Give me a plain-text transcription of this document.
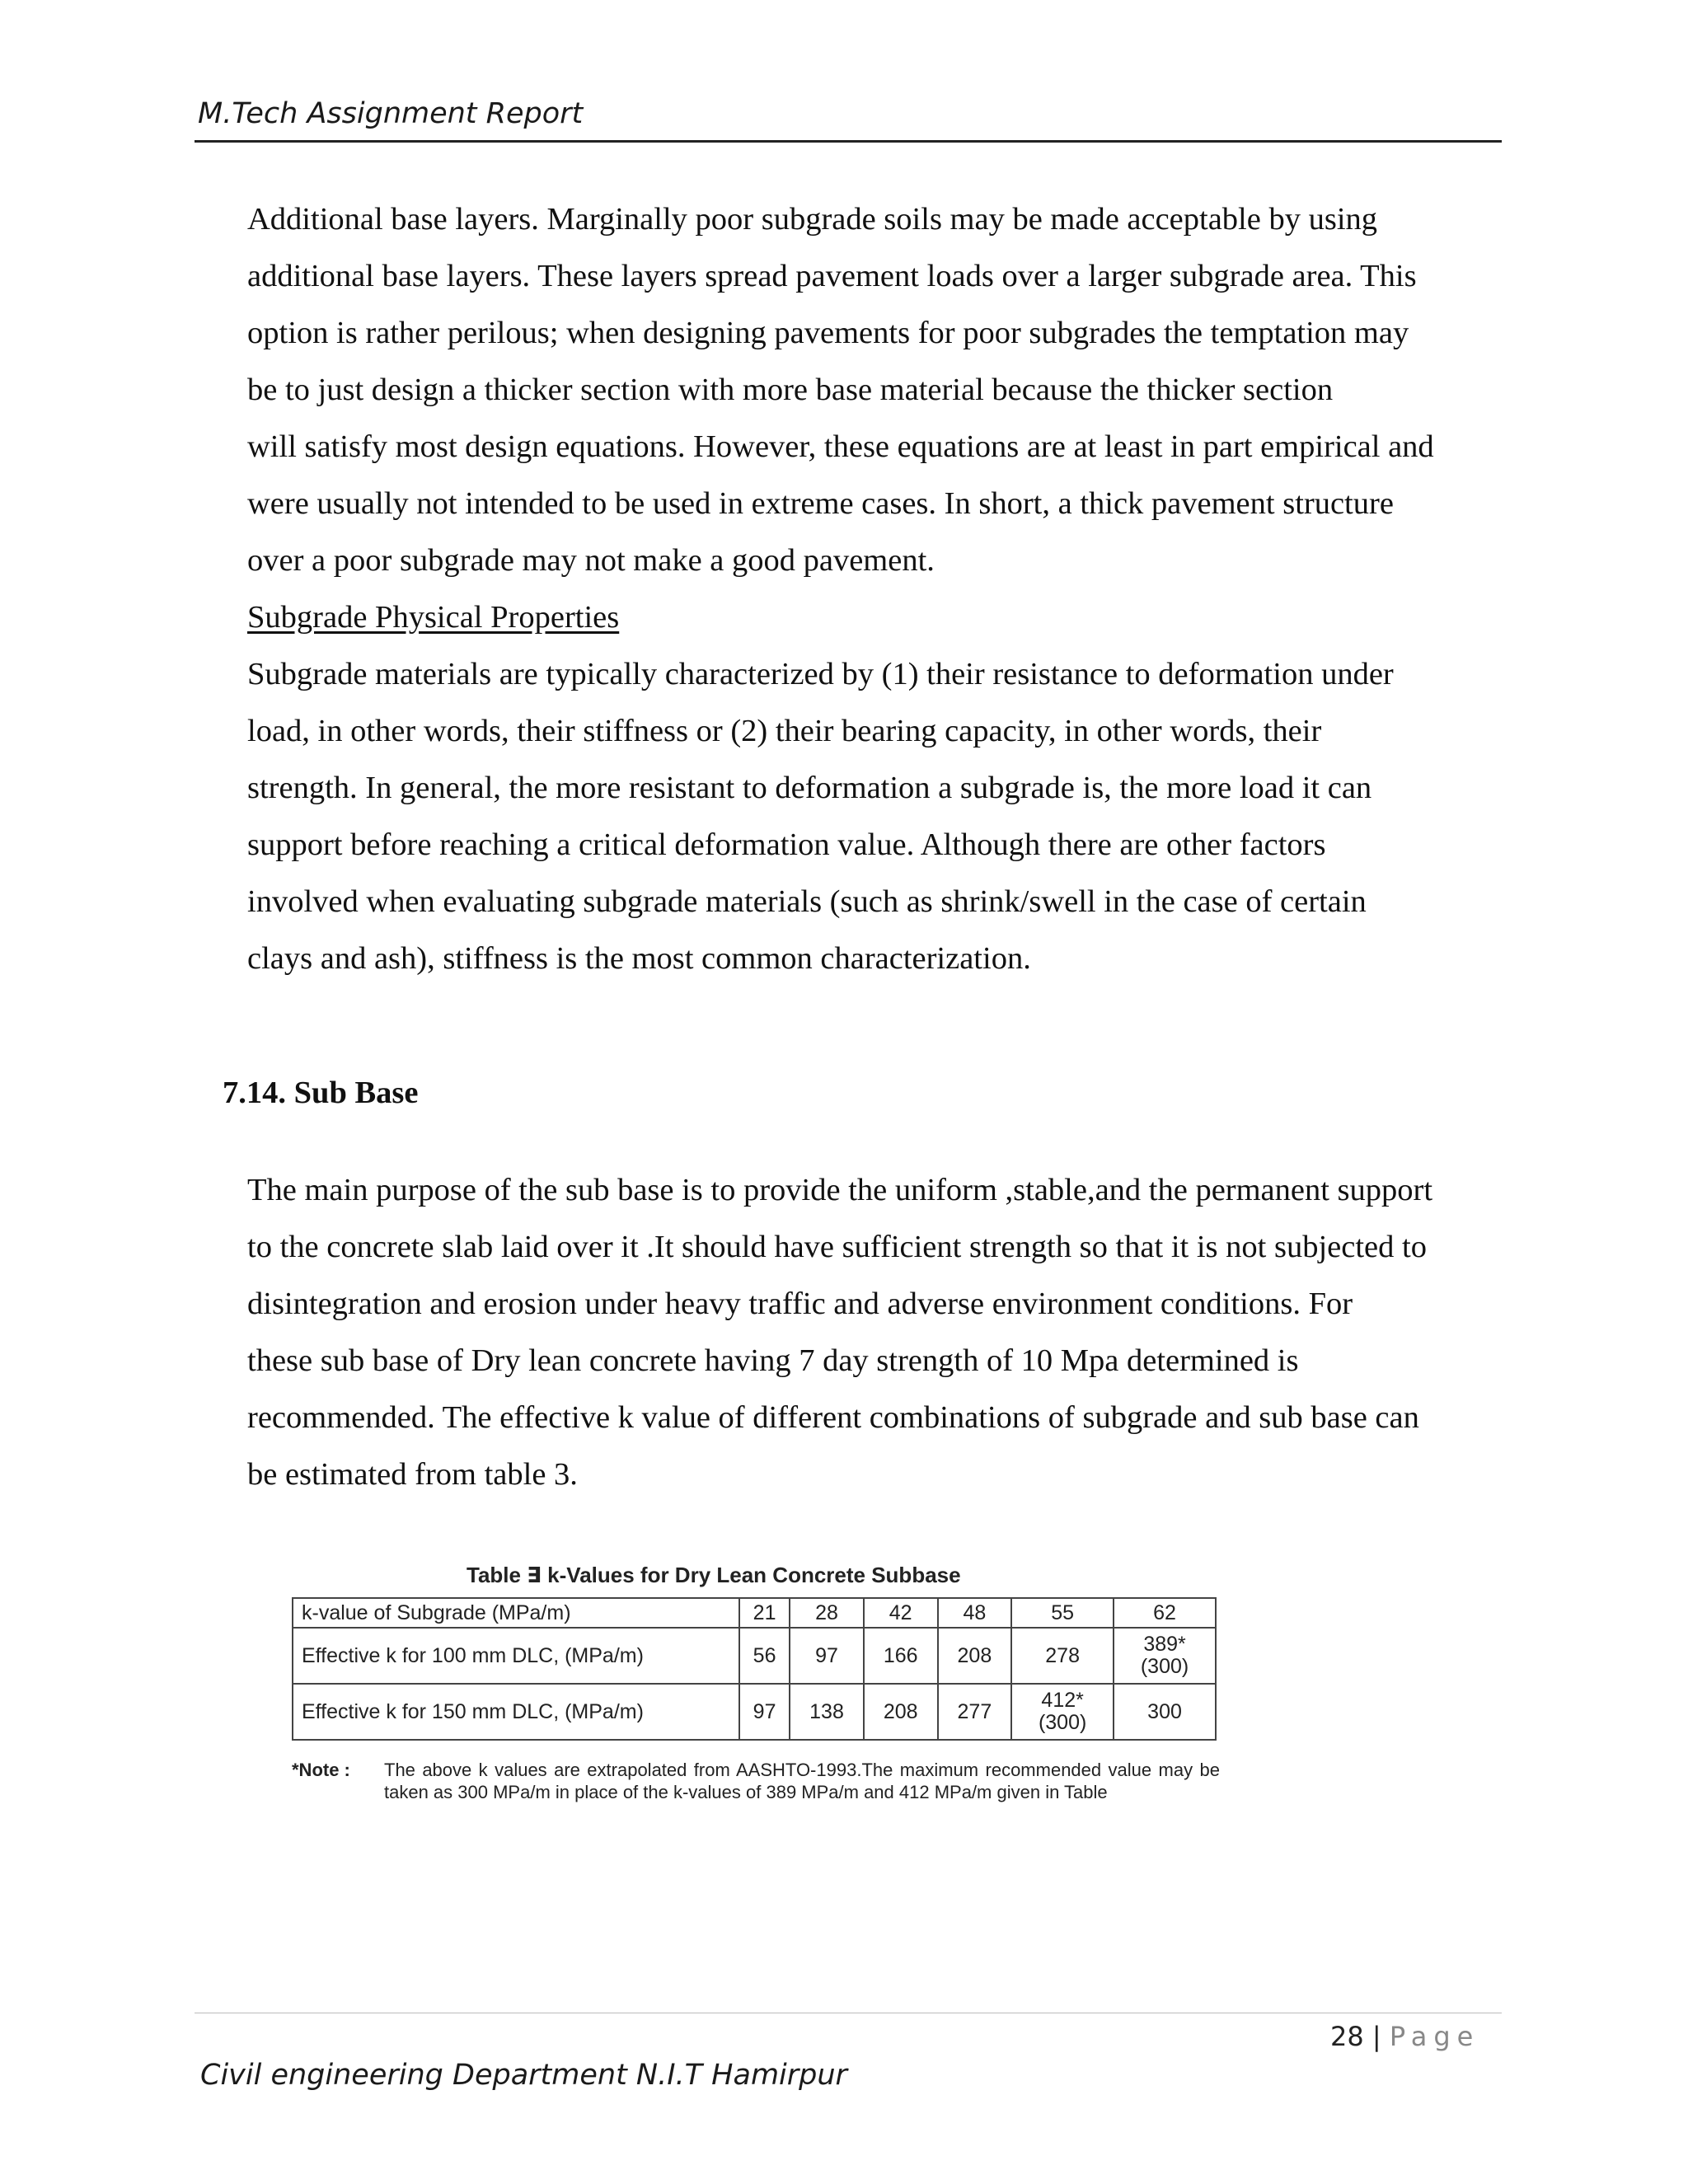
M.Tech Assignment Report
Additional base layers. Marginally poor subgrade soils may be made acceptable by using
additional base layers. These layers spread pavement loads over a larger subgrade area. This
option is rather perilous; when designing pavements for poor subgrades the temptation may
be to just design a thicker section with more base material because the thicker section
will satisfy most design equations. However, these equations are at least in part empirical and
were usually not intended to be used in extreme cases. In short, a thick pavement structure
over a poor subgrade may not make a good pavement.
Subgrade Physical Properties
Subgrade materials are typically characterized by (1) their resistance to deformation under
load, in other words, their stiffness or (2) their bearing capacity, in other words, their
strength. In general, the more resistant to deformation a subgrade is, the more load it can
support before reaching a critical deformation value. Although there are other factors
involved when evaluating subgrade materials (such as shrink/swell in the case of certain
clays and ash), stiffness is the most common characterization.
7.14. Sub Base
The main purpose of the sub base is to provide the uniform ,stable,and the permanent support
to the concrete slab laid over it .It should have sufficient strength so that it is not subjected to
disintegration and erosion under heavy traffic and adverse environment conditions. For
these sub base of Dry lean concrete having 7 day strength of 10 Mpa determined is
recommended. The effective k value of different combinations of subgrade and sub base can
be estimated from table 3.
Table ∃ k-Values for Dry Lean Concrete Subbase
k-value of Subgrade (MPa/m)	21	28	42	48	55	62
Effective k for 100 mm DLC, (MPa/m)	56	97	166	208	278	389*
(300)
Effective k for 150 mm DLC, (MPa/m)	97	138	208	277	412*
(300)	300
*Note : The above k values are extrapolated from AASHTO-1993.The maximum recommended value may be taken as 300 MPa/m in place of the k-values of 389 MPa/m and 412 MPa/m given in Table
28 | Page
Civil engineering Department N.I.T Hamirpur
